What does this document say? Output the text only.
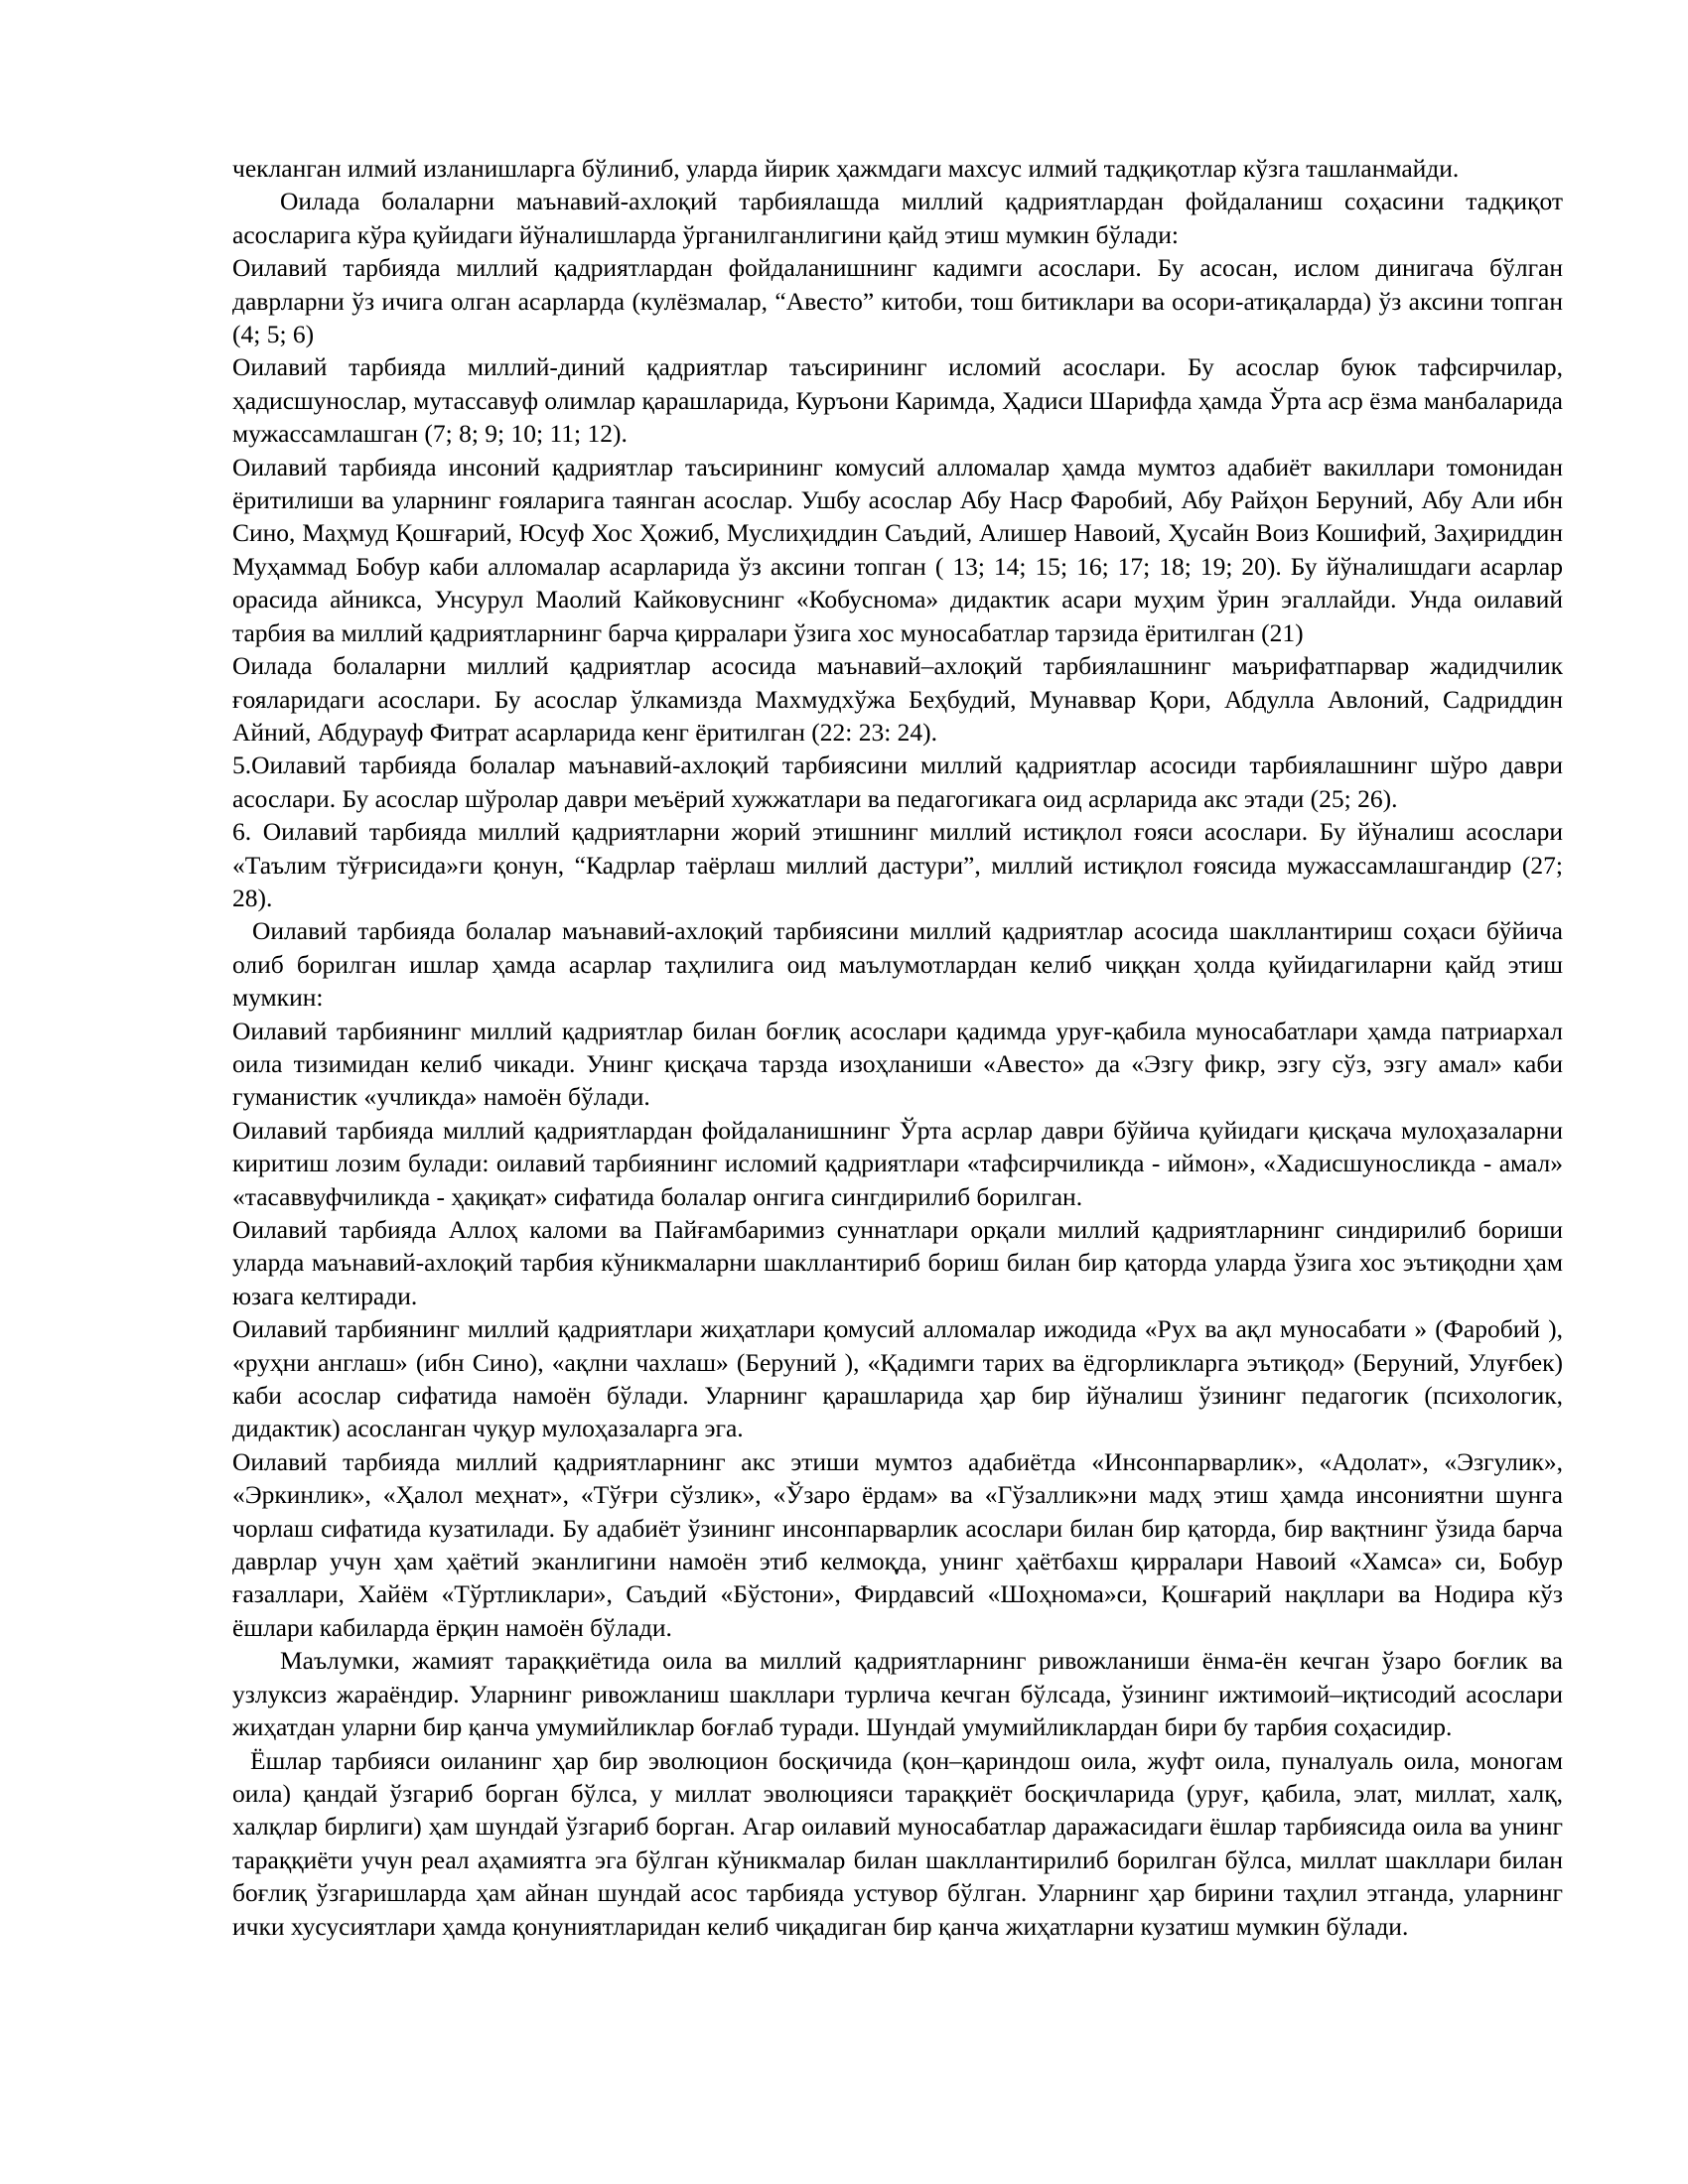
чекланган илмий изланишларга бўлиниб, уларда йирик ҳажмдаги махсус илмий тадқиқотлар кўзга ташланмайди.

Оилада болаларни маънавий-ахлоқий тарбиялашда миллий қадриятлардан фойдаланиш соҳасини тадқиқот асосларига кўра қуйидаги йўналишларда ўрганилганлигини қайд этиш мумкин бўлади:

Оилавий тарбияда миллий қадриятлардан фойдаланишнинг кадимги асослари. Бу асосан, ислом динигача бўлган даврларни ўз ичига олган асарларда (кулёзмалар, “Авесто” китоби, тош битиклари ва осори-атиқаларда) ўз аксини топган (4; 5; 6)

Оилавий тарбияда миллий-диний қадриятлар таъсирининг исломий асослари. Бу асослар буюк тафсирчилар, ҳадисшунослар, мутассавуф олимлар қарашларида, Куръони Каримда, Ҳадиси Шарифда ҳамда Ўрта аср ёзма манбаларида мужассамлашган (7; 8; 9; 10; 11; 12).

Оилавий тарбияда инсоний қадриятлар таъсирининг комусий алломалар ҳамда мумтоз адабиёт вакиллари томонидан ёритилиши ва уларнинг ғояларига таянган асослар. Ушбу асослар Абу Наср Фаробий, Абу Райҳон Беруний, Абу Али ибн Сино, Маҳмуд Қошғарий, Юсуф Хос Ҳожиб, Муслиҳиддин Саъдий, Алишер Навоий, Ҳусайн Воиз Кошифий, Заҳириддин Муҳаммад Бобур каби алломалар асарларида ўз аксини топган ( 13; 14; 15; 16; 17; 18; 19; 20). Бу йўналишдаги асарлар орасида айникса, Унсурул Маолий Кайковуснинг «Кобуснома» дидактик асари муҳим ўрин эгаллайди. Унда оилавий тарбия ва миллий қадриятларнинг барча қирралари ўзига хос муносабатлар тарзида ёритилган (21)

Оилада болаларни миллий қадриятлар асосида маънавий–ахлоқий тарбиялашнинг маърифатпарвар жадидчилик ғояларидаги асослари. Бу асослар ўлкамизда Махмудхўжа Беҳбудий, Мунаввар Қори, Абдулла Авлоний, Садриддин Айний, Абдурауф Фитрат асарларида кенг ёритилган (22: 23: 24).

5.Оилавий тарбияда болалар маънавий-ахлоқий тарбиясини миллий қадриятлар асосиди тарбиялашнинг шўро даври асослари. Бу асослар шўролар даври меъёрий хужжатлари ва педагогикага оид асрларида акс этади (25; 26).

6. Оилавий тарбияда миллий қадриятларни жорий этишнинг миллий истиқлол ғояси асослари. Бу йўналиш асослари «Таълим тўғрисида»ги қонун, “Кадрлар таёрлаш миллий дастури”, миллий истиқлол ғоясида мужассамлашгандир (27; 28).

Оилавий тарбияда болалар маънавий-ахлоқий тарбиясини миллий қадриятлар асосида шакллантириш соҳаси бўйича олиб борилган ишлар ҳамда асарлар таҳлилига оид маълумотлардан келиб чиққан ҳолда қуйидагиларни қайд этиш мумкин:

Оилавий тарбиянинг миллий қадриятлар билан боғлиқ асослари қадимда уруғ-қабила муносабатлари ҳамда патриархал оила тизимидан келиб чикади. Унинг қисқача тарзда изоҳланиши «Авесто» да «Эзгу фикр, эзгу сўз, эзгу амал» каби гуманистик «учликда» намоён бўлади.

Оилавий тарбияда миллий қадриятлардан фойдаланишнинг Ўрта асрлар даври бўйича қуйидаги қисқача мулоҳазаларни киритиш лозим булади: оилавий тарбиянинг исломий қадриятлари «тафсирчиликда - иймон», «Хадисшуносликда - амал» «тасаввуфчиликда - ҳақиқат» сифатида болалар онгига сингдирилиб борилган.

Оилавий тарбияда Аллоҳ каломи ва Пайғамбаримиз суннатлари орқали миллий қадриятларнинг синдирилиб бориши уларда маънавий-ахлоқий тарбия кўникмаларни шакллантириб бориш билан бир қаторда уларда ўзига хос эътиқодни ҳам юзага келтиради.

Оилавий тарбиянинг миллий қадриятлари жиҳатлари қомусий алломалар ижодида «Рух ва ақл муносабати » (Фаробий ), «руҳни англаш» (ибн Сино), «ақлни чахлаш» (Беруний ), «Қадимги тарих ва ёдгорликларга эътиқод» (Беруний, Улуғбек) каби асослар сифатида намоён бўлади. Уларнинг қарашларида ҳар бир йўналиш ўзининг педагогик (психологик, дидактик) асосланган чуқур мулоҳазаларга эга.

Оилавий тарбияда миллий қадриятларнинг акс этиши мумтоз адабиётда «Инсонпарварлик», «Адолат», «Эзгулик», «Эркинлик», «Ҳалол меҳнат», «Тўғри сўзлик», «Ўзаро ёрдам» ва «Гўзаллик»ни мадҳ этиш ҳамда инсониятни шунга чорлаш сифатида кузатилади. Бу адабиёт ўзининг инсонпарварлик асослари билан бир қаторда, бир вақтнинг ўзида барча даврлар учун ҳам ҳаётий эканлигини намоён этиб келмоқда, унинг ҳаётбахш қирралари Навоий «Хамса» си, Бобур ғазаллари, Хайём «Тўртликлари», Саъдий «Бўстони», Фирдавсий «Шоҳнома»си, Қошғарий нақллари ва Нодира кўз ёшлари кабиларда ёрқин намоён бўлади.

Маълумки, жамият тараққиётида оила ва миллий қадриятларнинг ривожланиши ёнма-ён кечган ўзаро боғлик ва узлуксиз жараёндир. Уларнинг ривожланиш шакллари турлича кечган бўлсада, ўзининг ижтимоий–иқтисодий асослари жиҳатдан уларни бир қанча умумийликлар боғлаб туради. Шундай умумийликлардан бири бу тарбия соҳасидир.

Ёшлар тарбияси оиланинг ҳар бир эволюцион босқичида (қон–қариндош оила, жуфт оила, пуналуаль оила, моногам оила) қандай ўзгариб борган бўлса, у миллат эволюцияси тараққиёт босқичларида (уруғ, қабила, элат, миллат, халқ, халқлар бирлиги) ҳам шундай ўзгариб борган. Агар оилавий муносабатлар даражасидаги ёшлар тарбиясида оила ва унинг тараққиёти учун реал аҳамиятга эга бўлган кўникмалар билан шакллантирилиб борилган бўлса, миллат шакллари билан боғлиқ ўзгаришларда ҳам айнан шундай асос тарбияда устувор бўлган. Уларнинг ҳар бирини таҳлил этганда, уларнинг ички хусусиятлари ҳамда қонуниятларидан келиб чиқадиган бир қанча жиҳатларни кузатиш мумкин бўлади.
